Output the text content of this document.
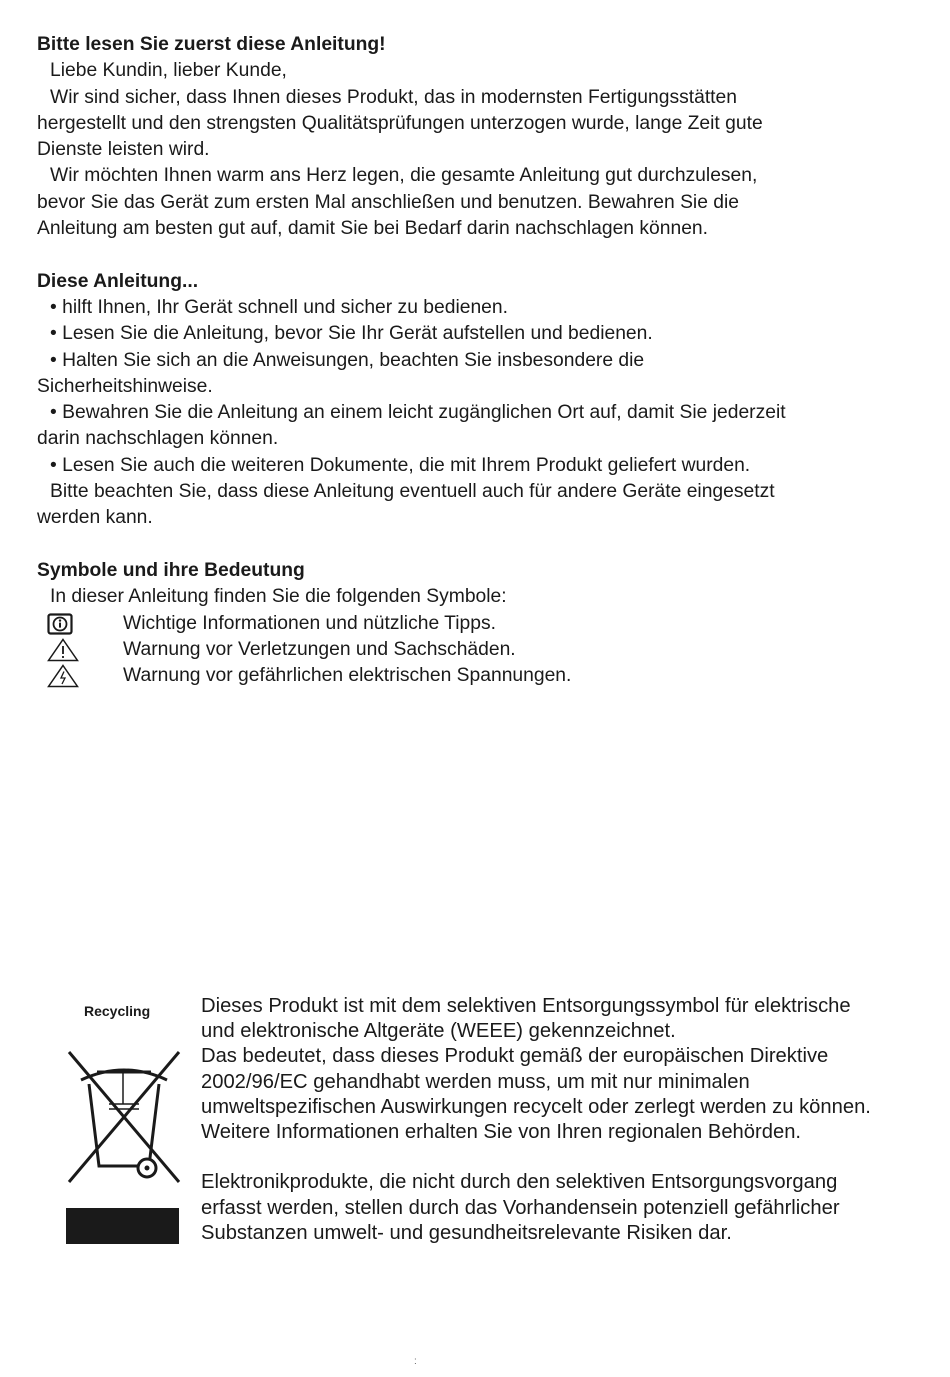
Bitte lesen Sie zuerst diese Anleitung!

Liebe Kundin, lieber Kunde,

Wir sind sicher, dass Ihnen dieses Produkt, das in modernsten Fertigungsstätten

hergestellt und den strengsten Qualitätsprüfungen unterzogen wurde, lange Zeit gute

Dienste leisten wird.

Wir möchten Ihnen warm ans Herz legen, die gesamte Anleitung gut durchzulesen,

bevor Sie das Gerät zum ersten Mal anschließen und benutzen. Bewahren Sie die

Anleitung am besten gut auf, damit Sie bei Bedarf darin nachschlagen können.

Diese Anleitung...

• hilft Ihnen, Ihr Gerät schnell und sicher zu bedienen.

• Lesen Sie die Anleitung, bevor Sie Ihr Gerät aufstellen und bedienen.

• Halten Sie sich an die Anweisungen, beachten Sie insbesondere die

Sicherheitshinweise.

• Bewahren Sie die Anleitung an einem leicht zugänglichen Ort auf, damit Sie jederzeit

darin nachschlagen können.

• Lesen Sie auch die weiteren Dokumente, die mit Ihrem Produkt geliefert wurden.

Bitte beachten Sie, dass diese Anleitung eventuell auch für andere Geräte eingesetzt

werden kann.

Symbole und ihre Bedeutung

In dieser Anleitung finden Sie die folgenden Symbole:

Wichtige Informationen und nützliche Tipps.
Warnung vor Verletzungen und Sachschäden.
Warnung vor gefährlichen elektrischen Spannungen.
Recycling	Dieses Produkt ist mit dem selektiven Entsorgungssymbol für elektrische

und elektronische Altgeräte (WEEE) gekennzeichnet.

Das bedeutet, dass dieses Produkt gemäß der europäischen Direktive

2002/96/EC gehandhabt werden muss, um mit nur minimalen

umweltspezifischen Auswirkungen recycelt oder zerlegt werden zu können.

Weitere Informationen erhalten Sie von Ihren regionalen Behörden.

Elektronikprodukte, die nicht durch den selektiven Entsorgungsvorgang

erfasst werden, stellen durch das Vorhandensein potenziell gefährlicher

Substanzen umwelt- und gesundheitsrelevante Risiken dar.

:
